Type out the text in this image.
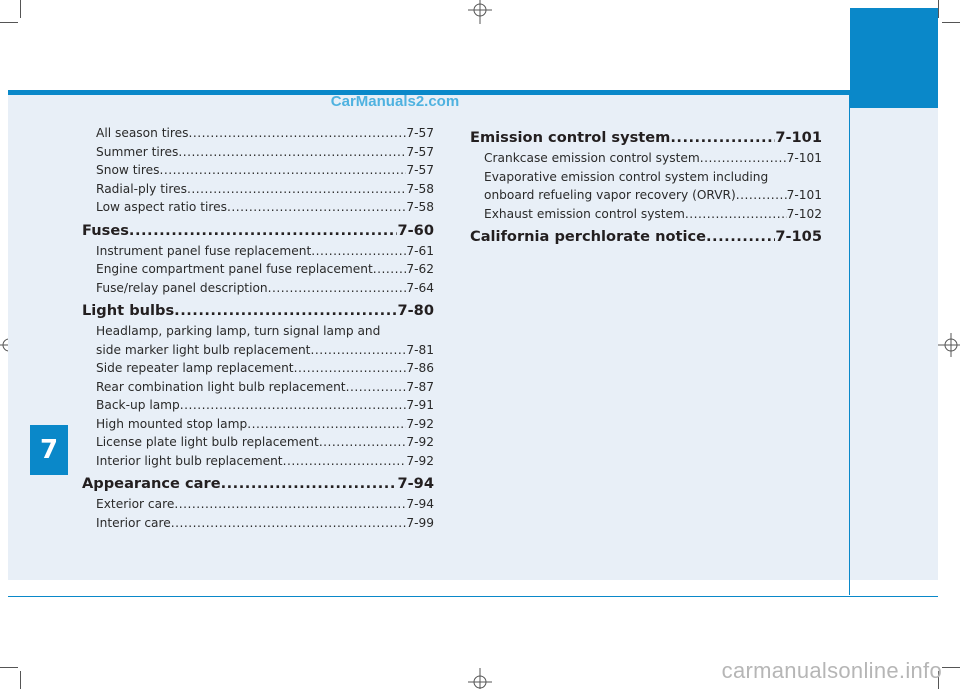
CarManuals2.com
7
All season tires .....	7-57
Summer tires .....	7-57
Snow tires .....	7-57
Radial-ply tires .....	7-58
Low aspect ratio tires .....	7-58
Fuses .....	7-60
Instrument panel fuse replacement .....	7-61
Engine compartment panel fuse replacement .....	7-62
Fuse/relay panel description .....	7-64
Light bulbs .....	7-80
Headlamp, parking lamp, turn signal lamp and
side marker light bulb replacement .....	7-81
Side repeater lamp replacement .....	7-86
Rear combination light bulb replacement .....	7-87
Back-up lamp .....	7-91
High mounted stop lamp .....	7-92
License plate light bulb replacement .....	7-92
Interior light bulb replacement .....	7-92
Appearance care .....	7-94
Exterior care .....	7-94
Interior care .....	7-99
Emission control system .....	7-101
Crankcase emission control system .....	7-101
Evaporative emission control system including
onboard refueling vapor recovery (ORVR) .....	7-101
Exhaust emission control system .....	7-102
California perchlorate notice .....	7-105
carmanualsonline.info
